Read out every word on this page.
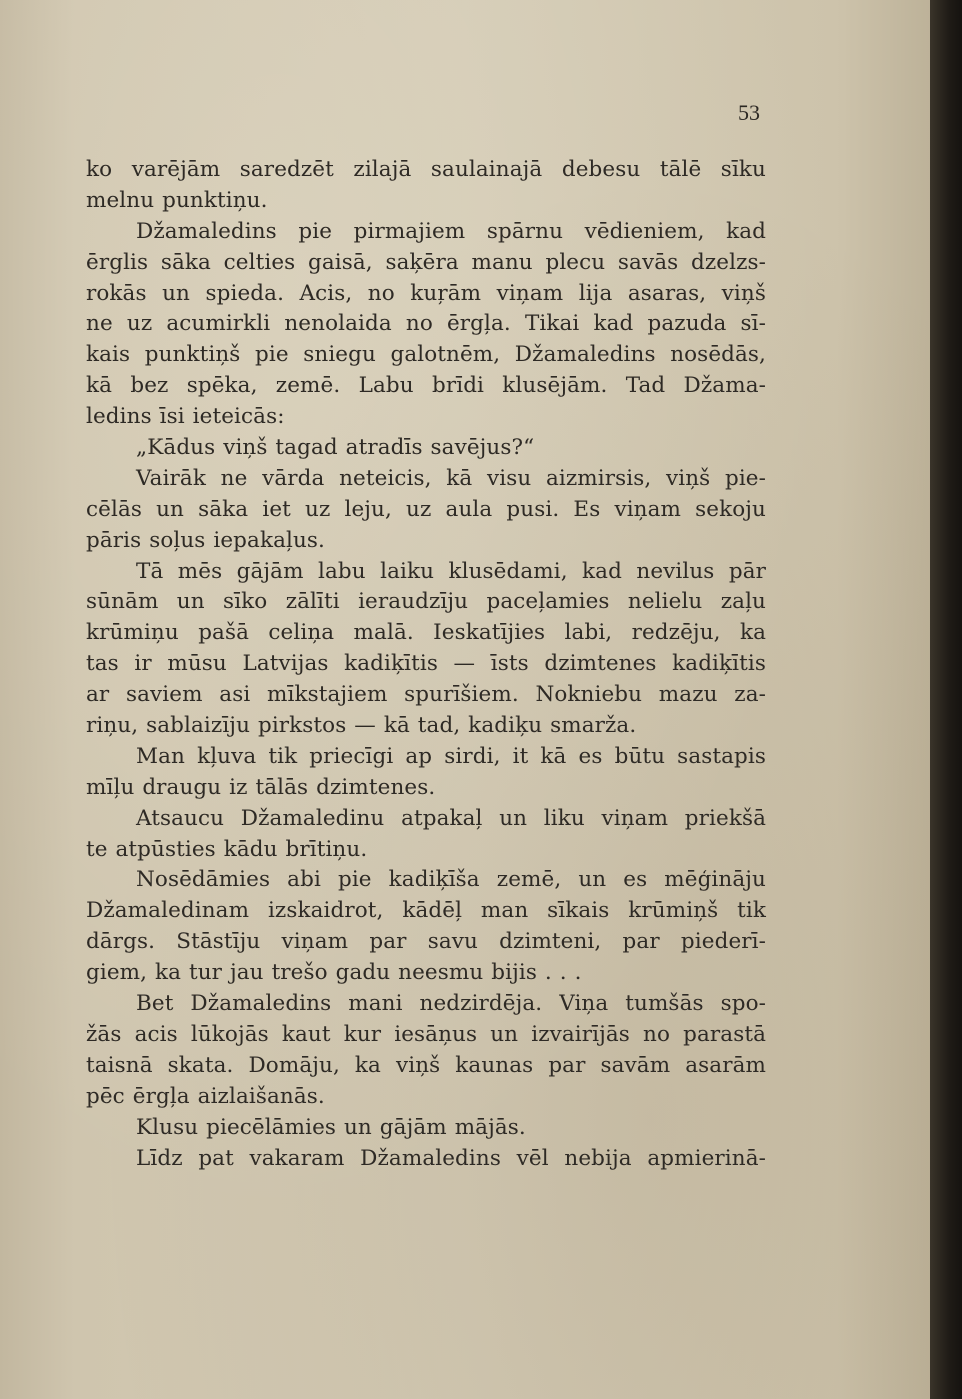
53
ko varējām saredzēt zilajā saulainajā debesu tālē sīku
melnu punktiņu.
Džamaledins pie pirmajiem spārnu vēdieniem, kad
ērglis sāka celties gaisā, saķēra manu plecu savās dzelzs-
rokās un spieda. Acis, no kuŗām viņam lija asaras, viņš
ne uz acumirkli nenolaida no ērgļa. Tikai kad pazuda sī-
kais punktiņš pie sniegu galotnēm, Džamaledins nosēdās,
kā bez spēka, zemē. Labu brīdi klusējām. Tad Džama-
ledins īsi ieteicās:
„Kādus viņš tagad atradīs savējus?“
Vairāk ne vārda neteicis, kā visu aizmirsis, viņš pie-
cēlās un sāka iet uz leju, uz aula pusi. Es viņam sekoju
pāris soļus iepakaļus.
Tā mēs gājām labu laiku klusēdami, kad nevilus pār
sūnām un sīko zālīti ieraudzīju paceļamies nelielu zaļu
krūmiņu pašā celiņa malā. Ieskatījies labi, redzēju, ka
tas ir mūsu Latvijas kadiķītis — īsts dzimtenes kadiķītis
ar saviem asi mīkstajiem spurīšiem. Nokniebu mazu za-
riņu, sablaizīju pirkstos — kā tad, kadiķu smarža.
Man kļuva tik priecīgi ap sirdi, it kā es būtu sastapis
mīļu draugu iz tālās dzimtenes.
Atsaucu Džamaledinu atpakaļ un liku viņam priekšā
te atpūsties kādu brītiņu.
Nosēdāmies abi pie kadiķīša zemē, un es mēģināju
Džamaledinam izskaidrot, kādēļ man sīkais krūmiņš tik
dārgs. Stāstīju viņam par savu dzimteni, par piederī-
giem, ka tur jau trešo gadu neesmu bijis . . .
Bet Džamaledins mani nedzirdēja. Viņa tumšās spo-
žās acis lūkojās kaut kur iesāņus un izvairījās no parastā
taisnā skata. Domāju, ka viņš kaunas par savām asarām
pēc ērgļa aizlaišanās.
Klusu piecēlāmies un gājām mājās.
Līdz pat vakaram Džamaledins vēl nebija apmierinā-
